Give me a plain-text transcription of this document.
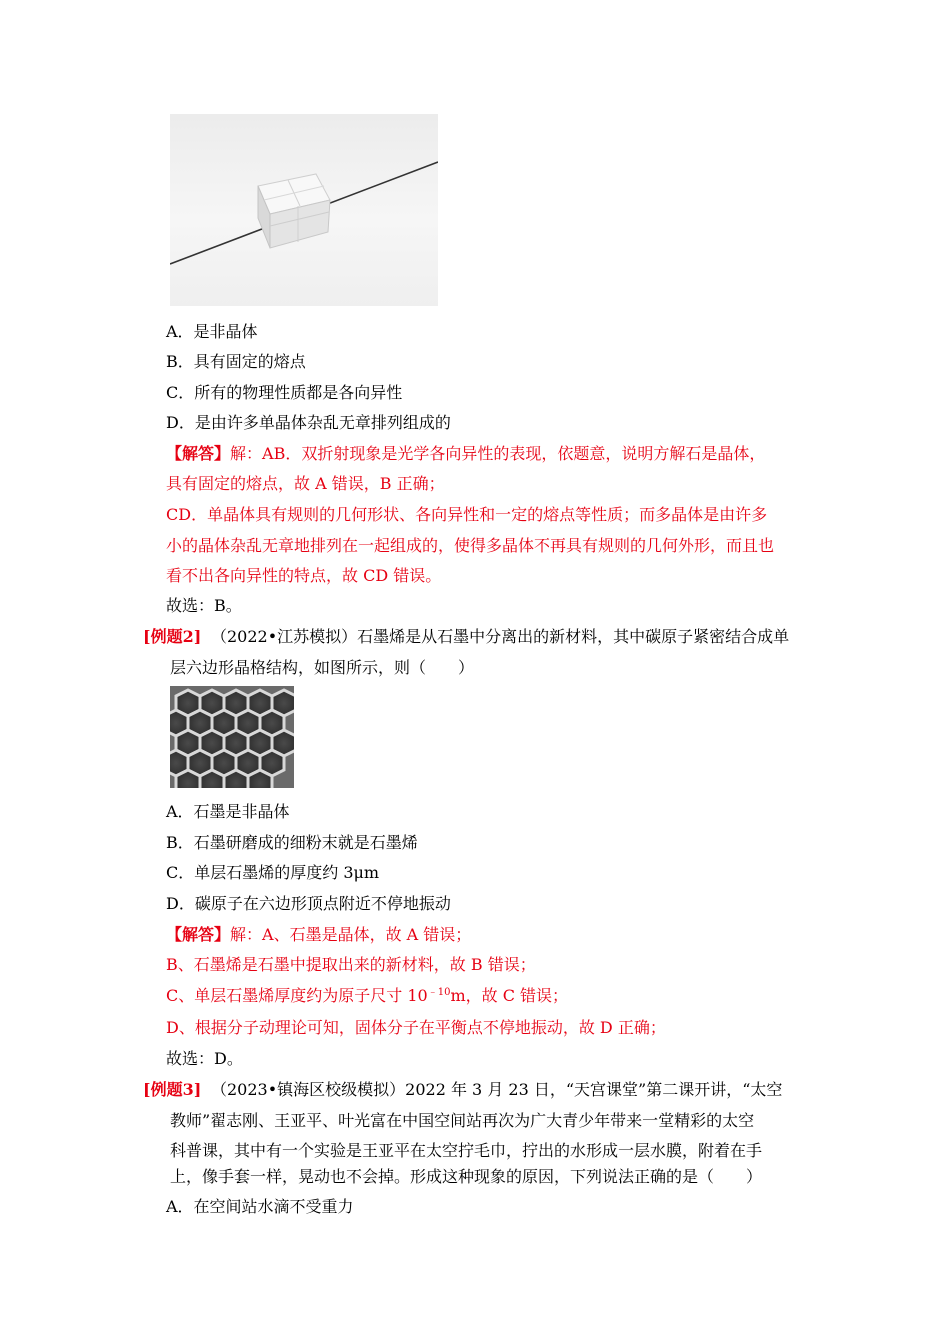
A．是非晶体
B．具有固定的熔点
C．所有的物理性质都是各向异性
D．是由许多单晶体杂乱无章排列组成的
【解答】解：AB．双折射现象是光学各向异性的表现，依题意，说明方解石是晶体，
具有固定的熔点，故 A 错误，B 正确；
CD．单晶体具有规则的几何形状、各向异性和一定的熔点等性质；而多晶体是由许多
小的晶体杂乱无章地排列在一起组成的，使得多晶体不再具有规则的几何外形，而且也
看不出各向异性的特点，故 CD 错误。
故选：B。
[例题2] （2022•江苏模拟）石墨烯是从石墨中分离出的新材料，其中碳原子紧密结合成单
层六边形晶格结构，如图所示，则（　　）
A．石墨是非晶体
B．石墨研磨成的细粉末就是石墨烯
C．单层石墨烯的厚度约 3μm
D．碳原子在六边形顶点附近不停地振动
【解答】解：A、石墨是晶体，故 A 错误；
B、石墨烯是石墨中提取出来的新材料，故 B 错误；
C、单层石墨烯厚度约为原子尺寸 $10^{﹣10}m$，故 C 错误；
D、根据分子动理论可知，固体分子在平衡点不停地振动，故 D 正确；
故选：D。
[例题3] （2023•镇海区校级模拟）2022 年 3 月 23 日，“天宫课堂”第二课开讲，“太空
教师”翟志刚、王亚平、叶光富在中国空间站再次为广大青少年带来一堂精彩的太空
科普课，其中有一个实验是王亚平在太空拧毛巾，拧出的水形成一层水膜，附着在手
上，像手套一样，晃动也不会掉。形成这种现象的原因，下列说法正确的是（　　）
A．在空间站水滴不受重力
